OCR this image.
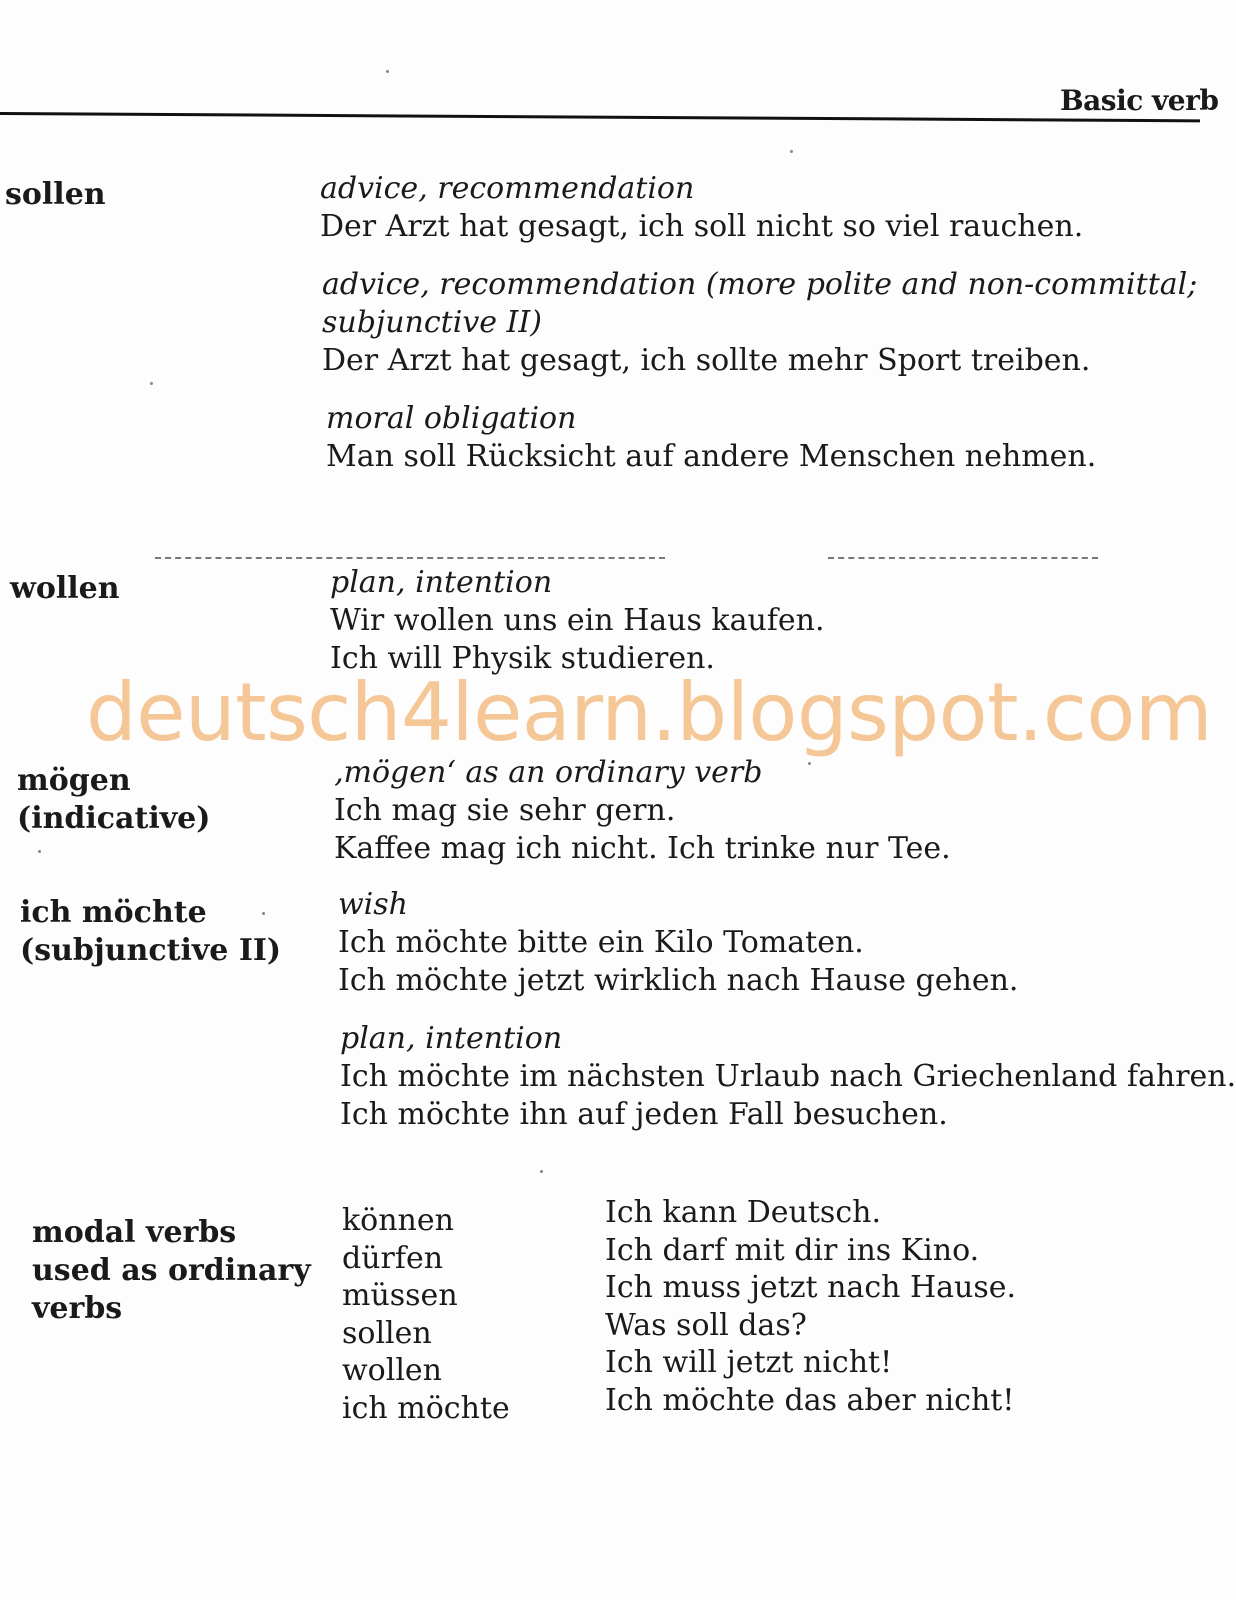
Basic verb
sollen	advice, recommendation
Der Arzt hat gesagt, ich soll nicht so viel rauchen.
advice, recommendation (more polite and non-committal;
subjunctive II)
Der Arzt hat gesagt, ich sollte mehr Sport treiben.
moral obligation
Man soll Rücksicht auf andere Menschen nehmen.
wollen	plan, intention
Wir wollen uns ein Haus kaufen.
Ich will Physik studieren.
deutsch4learn.blogspot.com
mögen
(indicative)
‚mögen‘ as an ordinary verb
Ich mag sie sehr gern.
Kaffee mag ich nicht. Ich trinke nur Tee.
ich möchte
(subjunctive II)
wish
Ich möchte bitte ein Kilo Tomaten.
Ich möchte jetzt wirklich nach Hause gehen.
plan, intention
Ich möchte im nächsten Urlaub nach Griechenland fahren.
Ich möchte ihn auf jeden Fall besuchen.
modal verbs
used as ordinary
verbs
können
dürfen
müssen
sollen
wollen
ich möchte
Ich kann Deutsch.
Ich darf mit dir ins Kino.
Ich muss jetzt nach Hause.
Was soll das?
Ich will jetzt nicht!
Ich möchte das aber nicht!
